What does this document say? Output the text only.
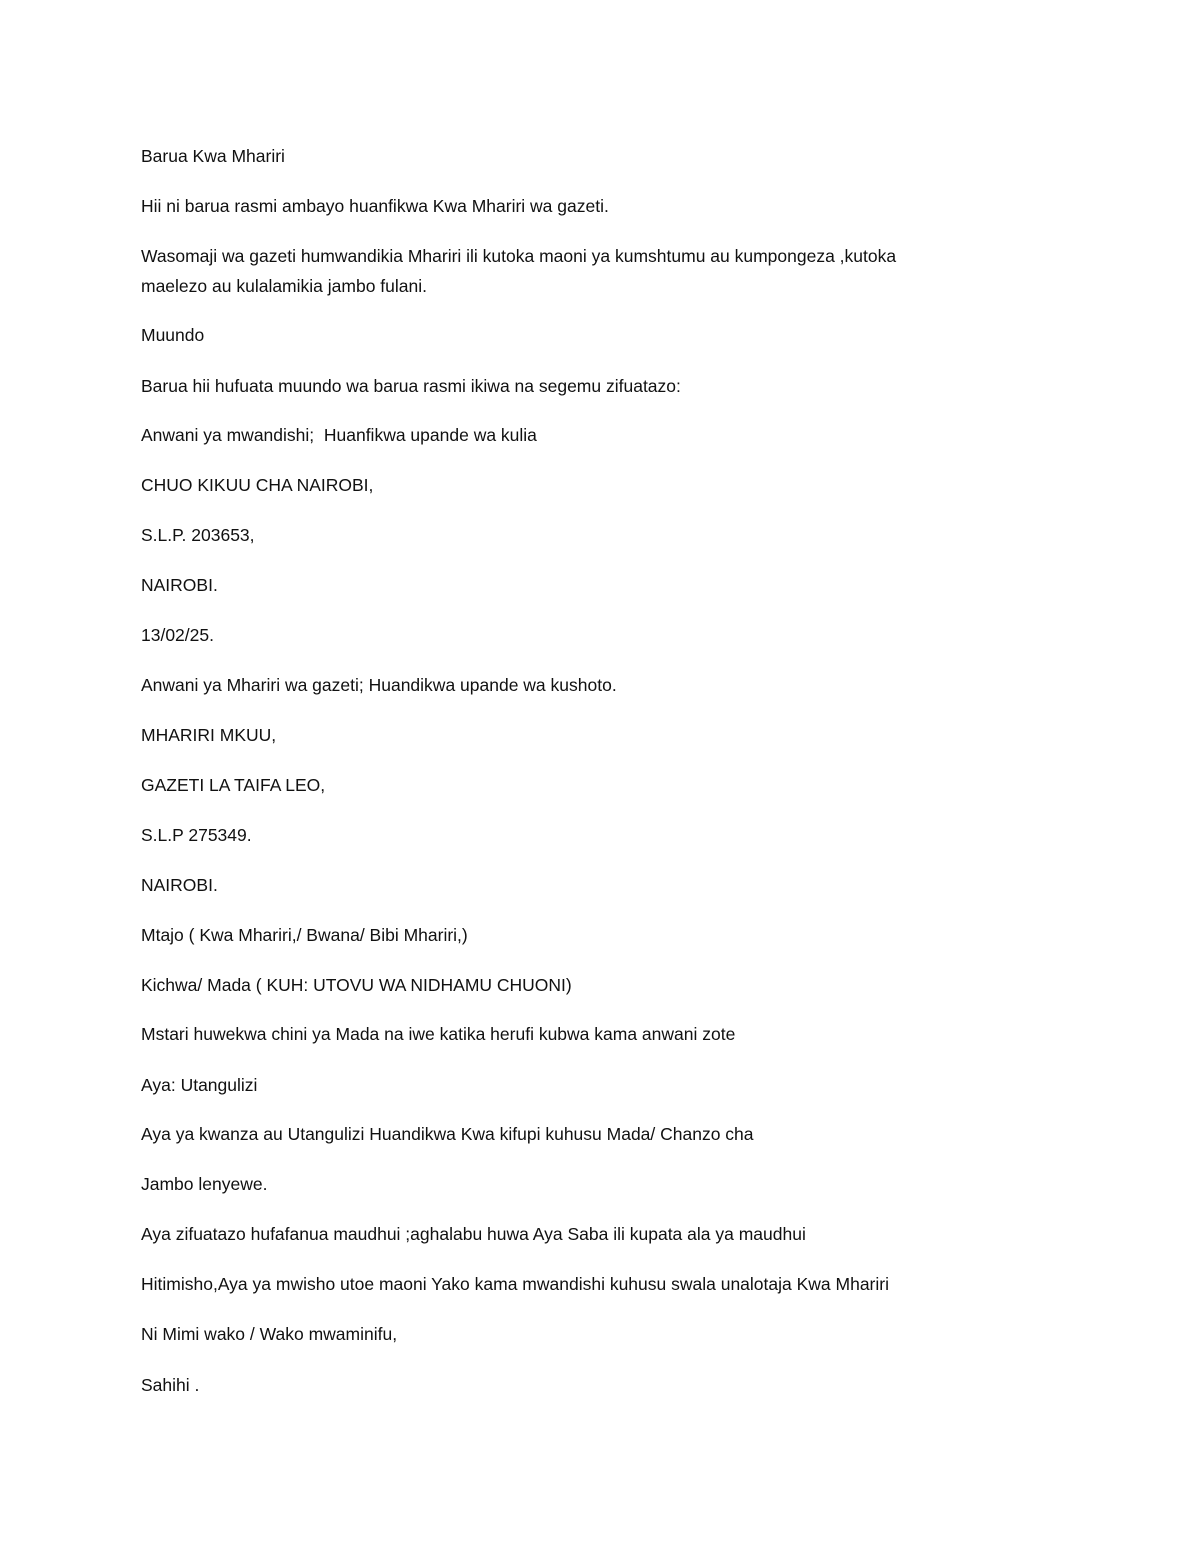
Barua Kwa Mhariri

Hii ni barua rasmi ambayo huanfikwa Kwa Mhariri wa gazeti.

Wasomaji wa gazeti humwandikia Mhariri ili kutoka maoni ya kumshtumu au kumpongeza ,kutoka

maelezo au kulalamikia jambo fulani.

Muundo

Barua hii hufuata muundo wa barua rasmi ikiwa na segemu zifuatazo:

Anwani ya mwandishi;  Huanfikwa upande wa kulia

CHUO KIKUU CHA NAIROBI,

S.L.P. 203653,

NAIROBI.

13/02/25.

Anwani ya Mhariri wa gazeti; Huandikwa upande wa kushoto.

MHARIRI MKUU,

GAZETI LA TAIFA LEO,

S.L.P 275349.

NAIROBI.

Mtajo ( Kwa Mhariri,/ Bwana/ Bibi Mhariri,)

Kichwa/ Mada ( KUH: UTOVU WA NIDHAMU CHUONI)

Mstari huwekwa chini ya Mada na iwe katika herufi kubwa kama anwani zote

Aya: Utangulizi

Aya ya kwanza au Utangulizi Huandikwa Kwa kifupi kuhusu Mada/ Chanzo cha

Jambo lenyewe.

Aya zifuatazo hufafanua maudhui ;aghalabu huwa Aya Saba ili kupata ala ya maudhui

Hitimisho,Aya ya mwisho utoe maoni Yako kama mwandishi kuhusu swala unalotaja Kwa Mhariri

Ni Mimi wako / Wako mwaminifu,

Sahihi .
